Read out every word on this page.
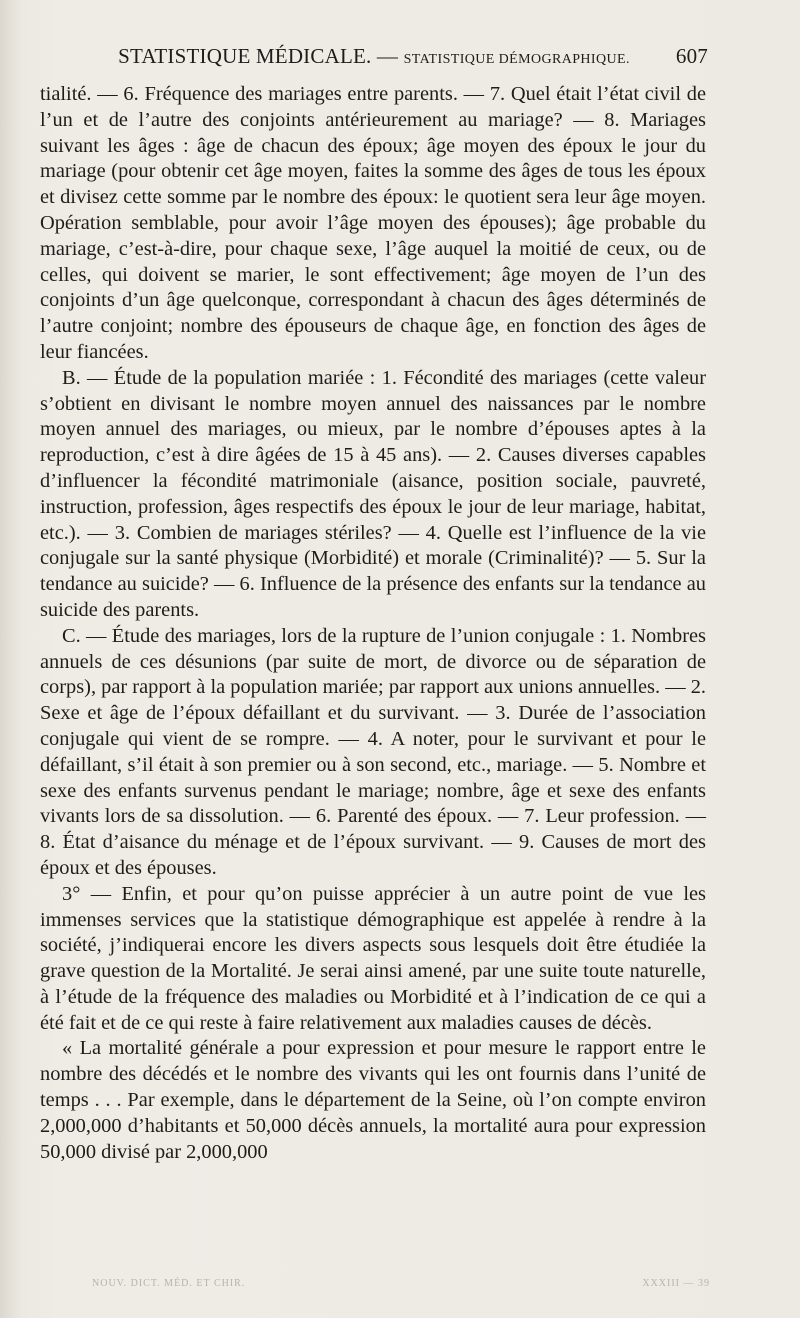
STATISTIQUE MÉDICALE. — STATISTIQUE DÉMOGRAPHIQUE.	607

tialité. — 6. Fréquence des mariages entre parents. — 7. Quel était l’état civil de l’un et de l’autre des conjoints antérieurement au mariage? — 8. Mariages suivant les âges : âge de chacun des époux; âge moyen des époux le jour du mariage (pour obtenir cet âge moyen, faites la somme des âges de tous les époux et divisez cette somme par le nombre des époux: le quotient sera leur âge moyen. Opération semblable, pour avoir l’âge moyen des épouses); âge probable du mariage, c’est-à-dire, pour chaque sexe, l’âge auquel la moitié de ceux, ou de celles, qui doivent se marier, le sont effectivement; âge moyen de l’un des conjoints d’un âge quelconque, correspondant à chacun des âges déterminés de l’autre conjoint; nombre des épouseurs de chaque âge, en fonction des âges de leur fiancées.

B. — Étude de la population mariée : 1. Fécondité des mariages (cette valeur s’obtient en divisant le nombre moyen annuel des naissances par le nombre moyen annuel des mariages, ou mieux, par le nombre d’épouses aptes à la reproduction, c’est à dire âgées de 15 à 45 ans). — 2. Causes diverses capables d’influencer la fécondité matrimoniale (aisance, position sociale, pauvreté, instruction, profession, âges respectifs des époux le jour de leur mariage, habitat, etc.). — 3. Combien de mariages stériles? — 4. Quelle est l’influence de la vie conjugale sur la santé physique (Morbidité) et morale (Criminalité)? — 5. Sur la tendance au suicide? — 6. Influence de la présence des enfants sur la tendance au suicide des parents.

C. — Étude des mariages, lors de la rupture de l’union conjugale : 1. Nombres annuels de ces désunions (par suite de mort, de divorce ou de séparation de corps), par rapport à la population mariée; par rapport aux unions annuelles. — 2. Sexe et âge de l’époux défaillant et du survivant. — 3. Durée de l’association conjugale qui vient de se rompre. — 4. A noter, pour le survivant et pour le défaillant, s’il était à son premier ou à son second, etc., mariage. — 5. Nombre et sexe des enfants survenus pendant le mariage; nombre, âge et sexe des enfants vivants lors de sa dissolution. — 6. Parenté des époux. — 7. Leur profession. — 8. État d’aisance du ménage et de l’époux survivant. — 9. Causes de mort des époux et des épouses.

3° — Enfin, et pour qu’on puisse apprécier à un autre point de vue les immenses services que la statistique démographique est appelée à rendre à la société, j’indiquerai encore les divers aspects sous lesquels doit être étudiée la grave question de la Mortalité. Je serai ainsi amené, par une suite toute naturelle, à l’étude de la fréquence des maladies ou Morbidité et à l’indication de ce qui a été fait et de ce qui reste à faire relativement aux maladies causes de décès.

« La mortalité générale a pour expression et pour mesure le rapport entre le nombre des décédés et le nombre des vivants qui les ont fournis dans l’unité de temps . . . Par exemple, dans le département de la Seine, où l’on compte environ 2,000,000 d’habitants et 50,000 décès annuels, la mortalité aura pour expression 50,000 divisé par 2,000,000

NOUV. DICT. MÉD. ET CHIR.	XXXIII — 39
